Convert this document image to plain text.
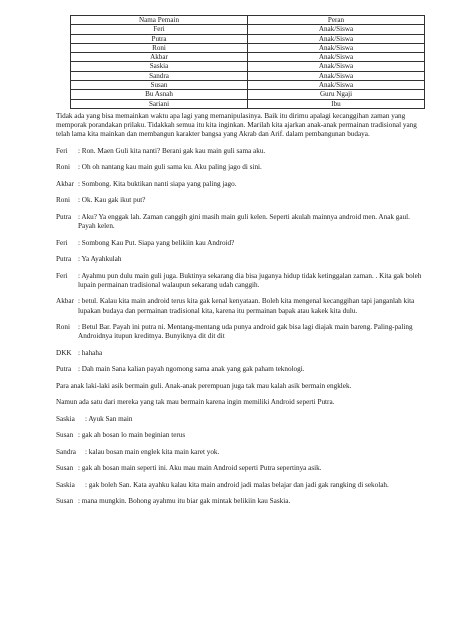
Nama Pemain	Peran
Feri	Anak/Siswa
Putra	Anak/Siswa
Roni	Anak/Siswa
Akbar	Anak/Siswa
Saskia	Anak/Siswa
Sandra	Anak/Siswa
Susan	Anak/Siswa
Bu Asnah	Guru Ngaji
Sariani	Ibu

Tidak ada yang bisa memainkan waktu apa lagi yang memanipulasinya. Baik itu dirimu apalagi kecanggihan zaman yang memporak porandakan prilaku. Tidakkah semua itu kita inginkan. Marilah kita ajarkan anak-anak permainan tradisional yang telah lama kita mainkan dan membangun karakter bangsa yang Akrab dan Arif. dalam pembangunan budaya.

Feri	: Ron. Maen Guli kita nanti? Berani gak kau main guli sama aku.
Roni	: Oh oh nantang kau main guli sama ku. Aku paling jago di sini.
Akbar : Sombong. Kita buktikan nanti siapa yang paling jago.
Roni	: Ok. Kau gak ikut put?
Putra : Aku? Ya enggak lah. Zaman canggih gini masih main guli kelen. Seperti akulah mainnya android men. Anak gaul. Payah kelen.
Feri	: Sombong Kau Put. Siapa yang belikiin kau Android?
Putra : Ya Ayahkulah
Feri	: Ayahmu pun dulu main guli juga. Buktinya sekarang dia bisa juganya hidup tidak ketinggalan zaman. . Kita gak boleh lupain permainan tradisional walaupun sekarang udah canggih.
Akbar : betul. Kalau kita main android terus kita gak kenal kenyataan. Boleh kita mengenal kecanggihan tapi janganlah kita lupakan budaya dan permainan tradisional kita, karena itu permainan bapak atau kakek kita dulu.
Roni	: Betul Bar. Payah ini putra ni. Mentang-mentang uda punya android gak bisa lagi diajak main bareng. Paling-paling Androidnya itupun kreditnya. Bunyiknya dit dit dit
DKK : hahaha
Putra : Dah main Sana kalian payah ngomong sama anak yang gak paham teknologi.

Para anak laki-laki asik bermain guli. Anak-anak perempuan juga tak mau kalah asik bermain engklek.

Namun ada satu dari mereka yang tak mau bermain karena ingin memiliki Android seperti Putra.

Saskia	: Ayuk San main
Susan : gak ah bosan lo main beginian terus
Sandra	: kalau bosan main englek kita main karet yok.
Susan : gak ah bosan main seperti ini. Aku mau main Android seperti Putra sepertinya asik.
Saskia	: gak boleh San. Kata ayahku kalau kita main android jadi malas belajar dan jadi gak rangking di sekolah.
Susan : mana mungkin. Bohong ayahmu itu biar gak mintak belikiin kau Saskia.
